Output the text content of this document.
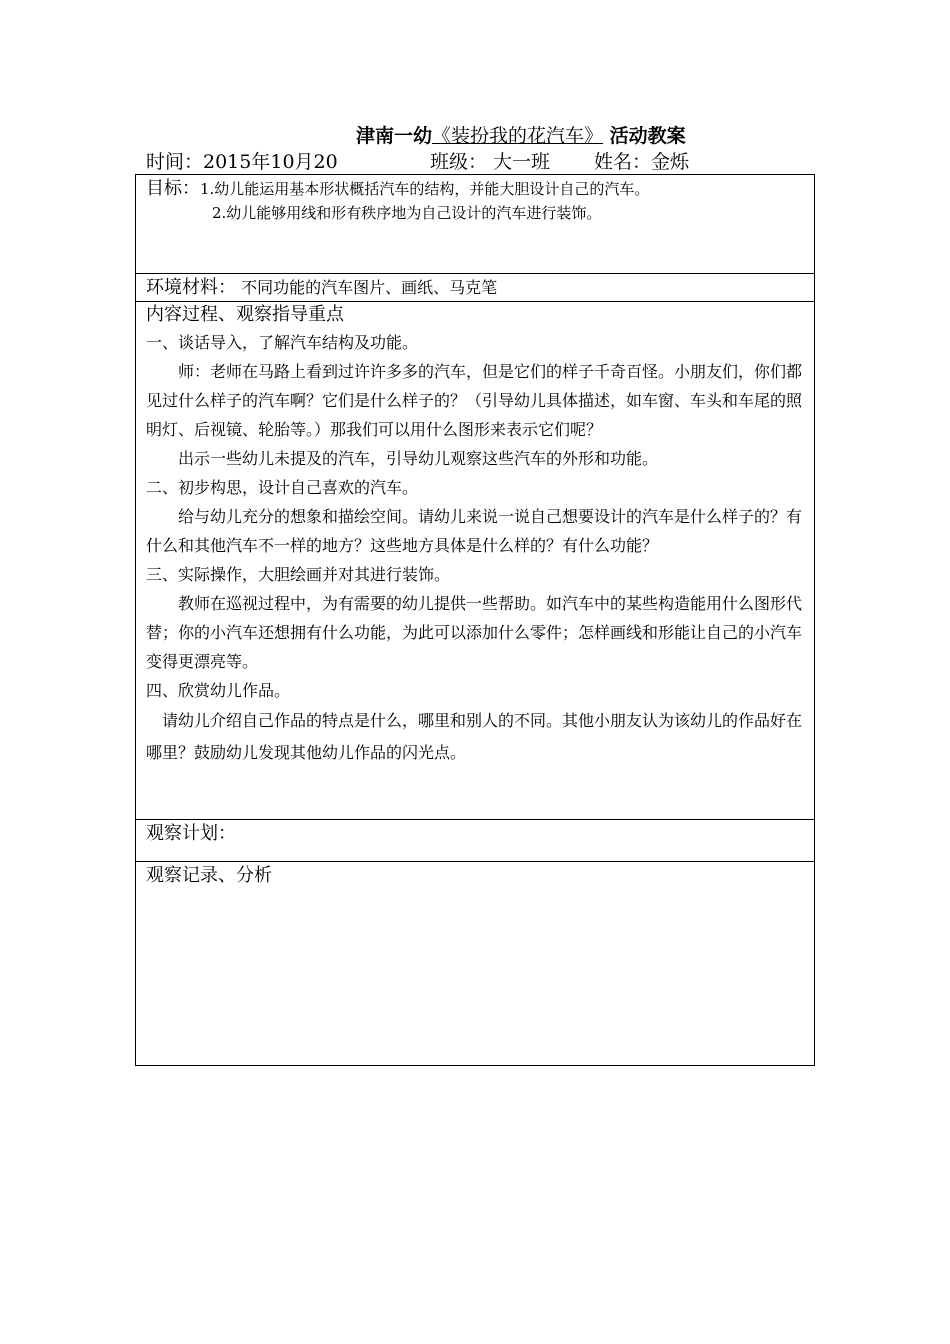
津南一幼《装扮我的花汽车》 活动教案
时间：2015年10月20	班级： 大一班 姓名：金烁
目标：1.幼儿能运用基本形状概括汽车的结构，并能大胆设计自己的汽车。
2.幼儿能够用线和形有秩序地为自己设计的汽车进行装饰。
环境材料： 不同功能的汽车图片、画纸、马克笔
内容过程、观察指导重点

一、谈话导入，了解汽车结构及功能。

师：老师在马路上看到过许许多多的汽车，但是它们的样子千奇百怪。小朋友们，你们都见过什么样子的汽车啊？它们是什么样子的？（引导幼儿具体描述，如车窗、车头和车尾的照明灯、后视镜、轮胎等。）那我们可以用什么图形来表示它们呢？

出示一些幼儿未提及的汽车，引导幼儿观察这些汽车的外形和功能。

二、初步构思，设计自己喜欢的汽车。

给与幼儿充分的想象和描绘空间。请幼儿来说一说自己想要设计的汽车是什么样子的？有什么和其他汽车不一样的地方？这些地方具体是什么样的？有什么功能？

三、实际操作，大胆绘画并对其进行装饰。

教师在巡视过程中，为有需要的幼儿提供一些帮助。如汽车中的某些构造能用什么图形代替；你的小汽车还想拥有什么功能，为此可以添加什么零件；怎样画线和形能让自己的小汽车变得更漂亮等。

四、欣赏幼儿作品。

请幼儿介绍自己作品的特点是什么，哪里和别人的不同。其他小朋友认为该幼儿的作品好在哪里？鼓励幼儿发现其他幼儿作品的闪光点。

观察计划：
观察记录、分析
